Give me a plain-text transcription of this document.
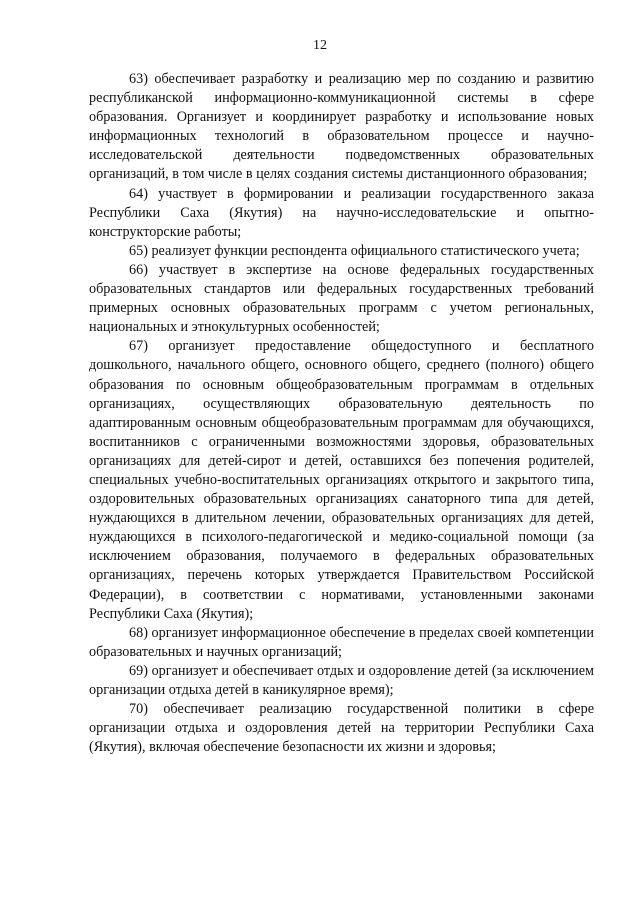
12

63) обеспечивает разработку и реализацию мер по созданию и развитию республиканской информационно-коммуникационной системы в сфере образования. Организует и координирует разработку и использование новых информационных технологий в образовательном процессе и научно-исследовательской деятельности подведомственных образовательных организаций, в том числе в целях создания системы дистанционного образования;

64) участвует в формировании и реализации государственного заказа Республики Саха (Якутия) на научно-исследовательские и опытно-конструкторские работы;

65) реализует функции респондента официального статистического учета;

66) участвует в экспертизе на основе федеральных государственных образовательных стандартов или федеральных государственных требований примерных основных образовательных программ с учетом региональных, национальных и этнокультурных особенностей;

67) организует предоставление общедоступного и бесплатного дошкольного, начального общего, основного общего, среднего (полного) общего образования по основным общеобразовательным программам в отдельных организациях, осуществляющих образовательную деятельность по адаптированным основным общеобразовательным программам для обучающихся, воспитанников с ограниченными возможностями здоровья, образовательных организациях для детей-сирот и детей, оставшихся без попечения родителей, специальных учебно-воспитательных организациях открытого и закрытого типа, оздоровительных образовательных организациях санаторного типа для детей, нуждающихся в длительном лечении, образовательных организациях для детей, нуждающихся в психолого-педагогической и медико-социальной помощи (за исключением образования, получаемого в федеральных образовательных организациях, перечень которых утверждается Правительством Российской Федерации), в соответствии с нормативами, установленными законами Республики Саха (Якутия);

68) организует информационное обеспечение в пределах своей компетенции образовательных и научных организаций;

69) организует и обеспечивает отдых и оздоровление детей (за исключением организации отдыха детей в каникулярное время);

70) обеспечивает реализацию государственной политики в сфере организации отдыха и оздоровления детей на территории Республики Саха (Якутия), включая обеспечение безопасности их жизни и здоровья;
